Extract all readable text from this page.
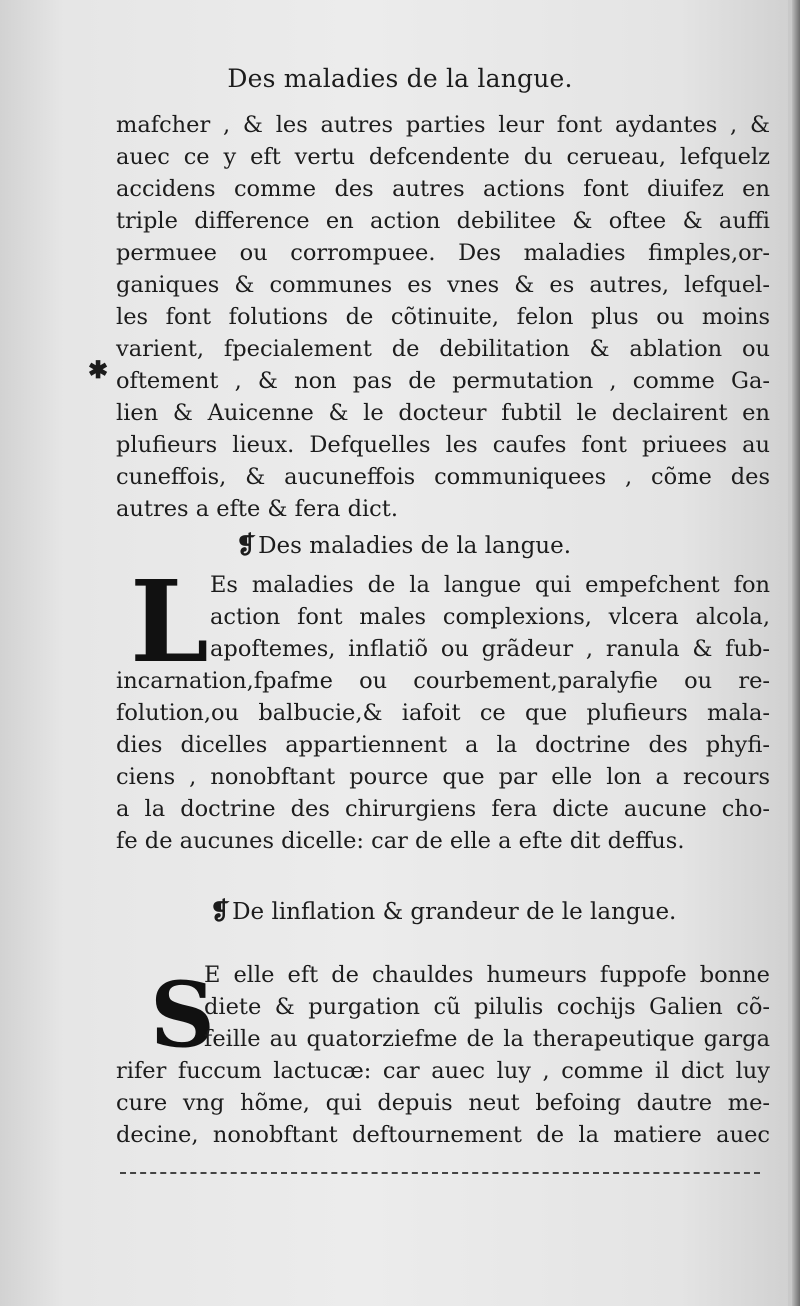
Des maladies de la langue.
✱
mafcher , & les autres parties leur font aydantes , &
auec ce y eft vertu defcendente du cerueau, lefquelz
accidens comme des autres actions font diuifez en
triple difference en action debilitee & oftee & auffi
permuee ou corrompuee. Des maladies fimples,or-
ganiques & communes es vnes & es autres, lefquel-
les font folutions de cõtinuite, felon plus ou moins
varient, fpecialement de debilitation & ablation ou
oftement , & non pas de permutation , comme Ga-
lien & Auicenne & le docteur fubtil le declairent en
plufieurs lieux. Defquelles les caufes font priuees au
cuneffois, & aucuneffois communiquees , cõme des
autres a efte & fera dict.
❡Des maladies de la langue.
L Es maladies de la langue qui empefchent fon
action font males complexions, vlcera alcola,
apoftemes, inflatiõ ou grãdeur , ranula & fub-
incarnation,fpafme ou courbement,paralyfie ou re-
folution,ou balbucie,& iafoit ce que plufieurs mala-
dies dicelles appartiennent a la doctrine des phyfi-
ciens , nonobftant pource que par elle lon a recours
a la doctrine des chirurgiens fera dicte aucune cho-
fe de aucunes dicelle: car de elle a efte dit deffus.
❡De linflation & grandeur de le langue.
S
E elle eft de chauldes humeurs fuppofe bonne
diete & purgation cũ pilulis cochijs Galien cõ-
feille au quatorziefme de la therapeutique garga
rifer fuccum lactucæ: car auec luy , comme il dict luy
cure vng hõme, qui depuis neut befoing dautre me-
decine, nonobftant deftournement de la matiere auec
